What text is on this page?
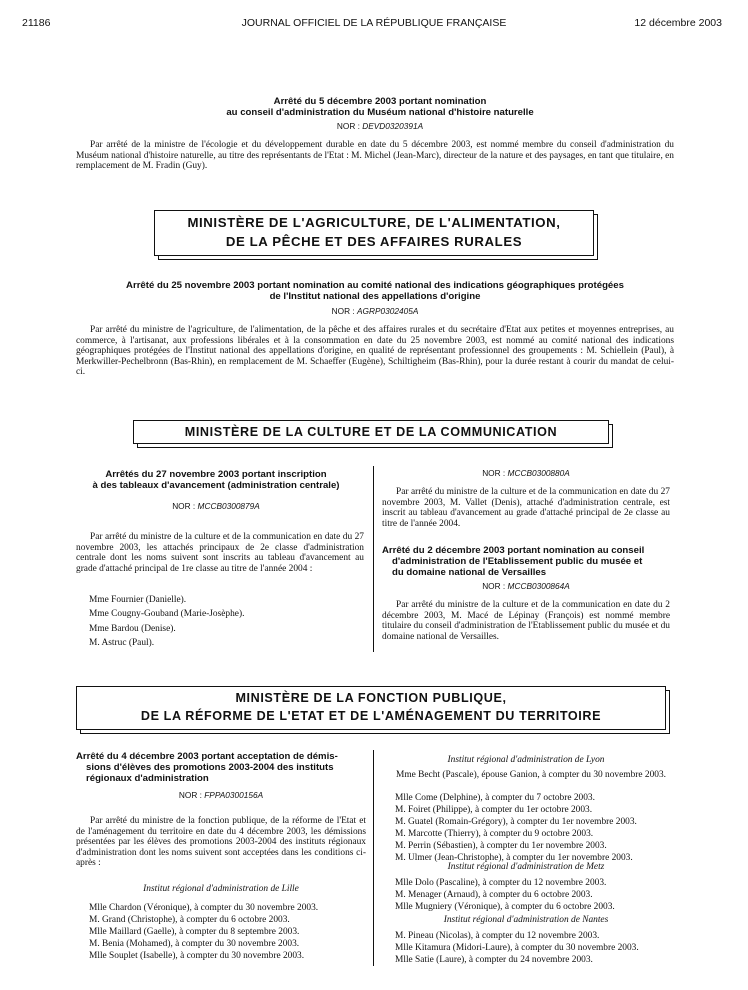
21186	JOURNAL OFFICIEL DE LA RÉPUBLIQUE FRANÇAISE	12 décembre 2003
Arrêté du 5 décembre 2003 portant nomination
au conseil d'administration du Muséum national d'histoire naturelle
NOR : DEVD0320391A
Par arrêté de la ministre de l'écologie et du développement durable en date du 5 décembre 2003, est nommé membre du conseil d'administration du Muséum national d'histoire naturelle, au titre des représentants de l'Etat : M. Michel (Jean-Marc), directeur de la nature et des paysages, en tant que titulaire, en remplacement de M. Fradin (Guy).
MINISTÈRE DE L'AGRICULTURE, DE L'ALIMENTATION,
DE LA PÊCHE ET DES AFFAIRES RURALES
Arrêté du 25 novembre 2003 portant nomination au comité national des indications géographiques protégées
de l'Institut national des appellations d'origine
NOR : AGRP0302405A
Par arrêté du ministre de l'agriculture, de l'alimentation, de la pêche et des affaires rurales et du secrétaire d'Etat aux petites et moyennes entreprises, au commerce, à l'artisanat, aux professions libérales et à la consommation en date du 25 novembre 2003, est nommé au comité national des indications géographiques protégées de l'Institut national des appellations d'origine, en qualité de représentant professionnel des groupements : M. Schiellein (Paul), à Merkwiller-Pechelbronn (Bas-Rhin), en remplacement de M. Schaeffer (Eugène), Schiltigheim (Bas-Rhin), pour la durée restant à courir du mandat de celui-ci.
MINISTÈRE DE LA CULTURE ET DE LA COMMUNICATION
Arrêtés du 27 novembre 2003 portant inscription
à des tableaux d'avancement (administration centrale)
NOR : MCCB0300879A
Par arrêté du ministre de la culture et de la communication en date du 27 novembre 2003, les attachés principaux de 2e classe d'administration centrale dont les noms suivent sont inscrits au tableau d'avancement au grade d'attaché principal de 1re classe au titre de l'année 2004 :
Mme Fournier (Danielle).
Mme Cougny-Gouband (Marie-Josèphe).
Mme Bardou (Denise).
M. Astruc (Paul).
NOR : MCCB0300880A
Par arrêté du ministre de la culture et de la communication en date du 27 novembre 2003, M. Vallet (Denis), attaché d'administration centrale, est inscrit au tableau d'avancement au grade d'attaché principal de 2e classe au titre de l'année 2004.
Arrêté du 2 décembre 2003 portant nomination au conseil
d'administration de l'Etablissement public du musée et
du domaine national de Versailles
NOR : MCCB0300864A
Par arrêté du ministre de la culture et de la communication en date du 2 décembre 2003, M. Macé de Lépinay (François) est nommé membre titulaire du conseil d'administration de l'Etablissement public du musée et du domaine national de Versailles.
MINISTÈRE DE LA FONCTION PUBLIQUE,
DE LA RÉFORME DE L'ETAT ET DE L'AMÉNAGEMENT DU TERRITOIRE
Arrêté du 4 décembre 2003 portant acceptation de démis-
sions d'élèves des promotions 2003-2004 des instituts
régionaux d'administration
NOR : FPPA0300156A
Par arrêté du ministre de la fonction publique, de la réforme de l'Etat et de l'aménagement du territoire en date du 4 décembre 2003, les démissions présentées par les élèves des promotions 2003-2004 des instituts régionaux d'administration dont les noms suivent sont acceptées dans les conditions ci-après :
Institut régional d'administration de Lille
Mlle Chardon (Véronique), à compter du 30 novembre 2003.
M. Grand (Christophe), à compter du 6 octobre 2003.
Mlle Maillard (Gaelle), à compter du 8 septembre 2003.
M. Benia (Mohamed), à compter du 30 novembre 2003.
Mlle Souplet (Isabelle), à compter du 30 novembre 2003.
Institut régional d'administration de Lyon
Mme Becht (Pascale), épouse Ganion, à compter du 30 novembre 2003.
Mlle Come (Delphine), à compter du 7 octobre 2003.
M. Foiret (Philippe), à compter du 1er octobre 2003.
M. Guatel (Romain-Grégory), à compter du 1er novembre 2003.
M. Marcotte (Thierry), à compter du 9 octobre 2003.
M. Perrin (Sébastien), à compter du 1er novembre 2003.
M. Ulmer (Jean-Christophe), à compter du 1er novembre 2003.
Institut régional d'administration de Metz
Mlle Dolo (Pascaline), à compter du 12 novembre 2003.
M. Menager (Arnaud), à compter du 6 octobre 2003.
Mlle Mugniery (Véronique), à compter du 6 octobre 2003.
Institut régional d'administration de Nantes
M. Pineau (Nicolas), à compter du 12 novembre 2003.
Mlle Kitamura (Midori-Laure), à compter du 30 novembre 2003.
Mlle Satie (Laure), à compter du 24 novembre 2003.
